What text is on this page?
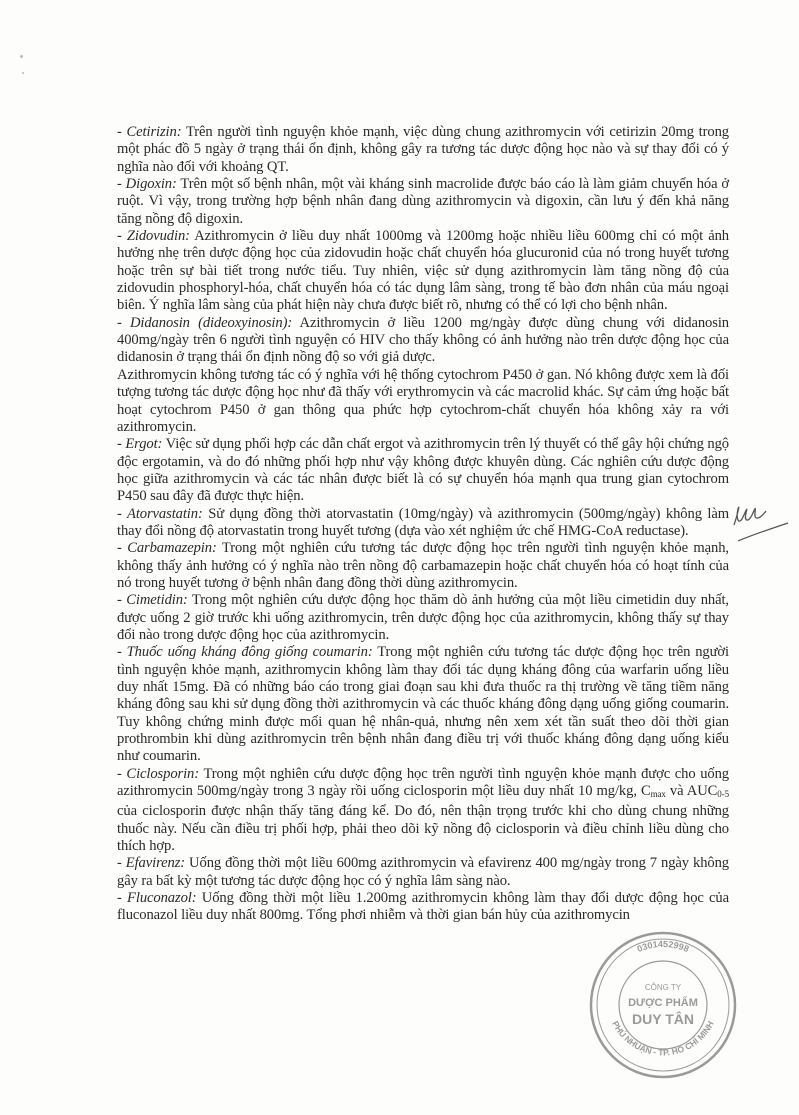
- Cetirizin: Trên người tình nguyện khỏe mạnh, việc dùng chung azithromycin với cetirizin 20mg trong một phác đồ 5 ngày ở trạng thái ổn định, không gây ra tương tác dược động học nào và sự thay đổi có ý nghĩa nào đối với khoảng QT.

- Digoxin: Trên một số bệnh nhân, một vài kháng sinh macrolide được báo cáo là làm giảm chuyển hóa ở ruột. Vì vậy, trong trường hợp bệnh nhân đang dùng azithromycin và digoxin, cần lưu ý đến khả năng tăng nồng độ digoxin.

- Zidovudin: Azithromycin ở liều duy nhất 1000mg và 1200mg hoặc nhiều liều 600mg chỉ có một ảnh hưởng nhẹ trên dược động học của zidovudin hoặc chất chuyển hóa glucuronid của nó trong huyết tương hoặc trên sự bài tiết trong nước tiểu. Tuy nhiên, việc sử dụng azithromycin làm tăng nồng độ của zidovudin phosphoryl-hóa, chất chuyển hóa có tác dụng lâm sàng, trong tế bào đơn nhân của máu ngoại biên. Ý nghĩa lâm sàng của phát hiện này chưa được biết rõ, nhưng có thể có lợi cho bệnh nhân.

- Didanosin (dideoxyinosin): Azithromycin ở liều 1200 mg/ngày được dùng chung với didanosin 400mg/ngày trên 6 người tình nguyện có HIV cho thấy không có ảnh hưởng nào trên dược động học của didanosin ở trạng thái ổn định nồng độ so với giả dược.

Azithromycin không tương tác có ý nghĩa với hệ thống cytochrom P450 ở gan. Nó không được xem là đối tượng tương tác dược động học như đã thấy với erythromycin và các macrolid khác. Sự cảm ứng hoặc bất hoạt cytochrom P450 ở gan thông qua phức hợp cytochrom-chất chuyển hóa không xảy ra với azithromycin.

- Ergot: Việc sử dụng phối hợp các dẫn chất ergot và azithromycin trên lý thuyết có thể gây hội chứng ngộ độc ergotamin, và do đó những phối hợp như vậy không được khuyên dùng. Các nghiên cứu dược động học giữa azithromycin và các tác nhân được biết là có sự chuyển hóa mạnh qua trung gian cytochrom P450 sau đây đã được thực hiện.

- Atorvastatin: Sử dụng đồng thời atorvastatin (10mg/ngày) và azithromycin (500mg/ngày) không làm thay đổi nồng độ atorvastatin trong huyết tương (dựa vào xét nghiệm ức chế HMG-CoA reductase).

- Carbamazepin: Trong một nghiên cứu tương tác dược động học trên người tình nguyện khỏe mạnh, không thấy ảnh hưởng có ý nghĩa nào trên nồng độ carbamazepin hoặc chất chuyển hóa có hoạt tính của nó trong huyết tương ở bệnh nhân đang đồng thời dùng azithromycin.

- Cimetidin: Trong một nghiên cứu dược động học thăm dò ảnh hưởng của một liều cimetidin duy nhất, được uống 2 giờ trước khi uống azithromycin, trên dược động học của azithromycin, không thấy sự thay đổi nào trong dược động học của azithromycin.

- Thuốc uống kháng đông giống coumarin: Trong một nghiên cứu tương tác dược động học trên người tình nguyện khỏe mạnh, azithromycin không làm thay đổi tác dụng kháng đông của warfarin uống liều duy nhất 15mg. Đã có những báo cáo trong giai đoạn sau khi đưa thuốc ra thị trường về tăng tiềm năng kháng đông sau khi sử dụng đồng thời azithromycin và các thuốc kháng đông dạng uống giống coumarin. Tuy không chứng minh được mối quan hệ nhân-quả, nhưng nên xem xét tần suất theo dõi thời gian prothrombin khi dùng azithromycin trên bệnh nhân đang điều trị với thuốc kháng đông dạng uống kiểu như coumarin.

- Ciclosporin: Trong một nghiên cứu dược động học trên người tình nguyện khỏe mạnh được cho uống azithromycin 500mg/ngày trong 3 ngày rồi uống ciclosporin một liều duy nhất 10 mg/kg, $C_{max}$ và $AUC_{0-5}$ của ciclosporin được nhận thấy tăng đáng kể. Do đó, nên thận trọng trước khi cho dùng chung những thuốc này. Nếu cần điều trị phối hợp, phải theo dõi kỹ nồng độ ciclosporin và điều chỉnh liều dùng cho thích hợp.

- Efavirenz: Uống đồng thời một liều 600mg azithromycin và efavirenz 400 mg/ngày trong 7 ngày không gây ra bất kỳ một tương tác dược động học có ý nghĩa lâm sàng nào.

- Fluconazol: Uống đồng thời một liều 1.200mg azithromycin không làm thay đổi dược động học của fluconazol liều duy nhất 800mg. Tổng phơi nhiễm và thời gian bán hủy của azithromycin

0301452998
PHÚ NHUẬN - TP. HỒ CHÍ MINH
CÔNG TY
DƯỢC PHẨM
DUY TÂN
